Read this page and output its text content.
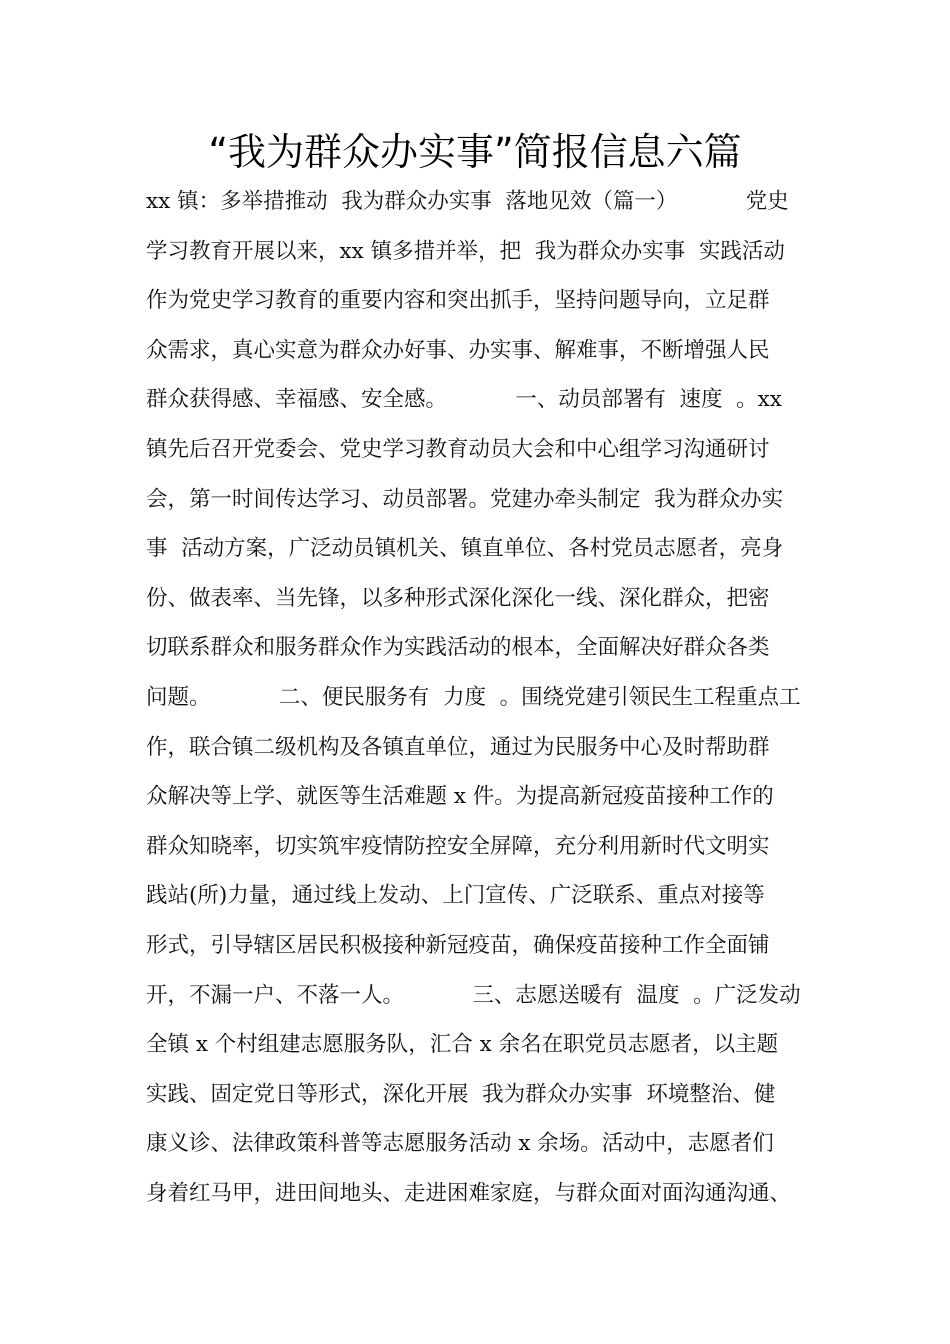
“我为群众办实事”简报信息六篇
xx 镇：多举措推动  我为群众办实事  落地见效（篇一）          党史
学习教育开展以来，xx 镇多措并举，把  我为群众办实事  实践活动
作为党史学习教育的重要内容和突出抓手，坚持问题导向，立足群
众需求，真心实意为群众办好事、办实事、解难事，不断增强人民
群众获得感、幸福感、安全感。          一、动员部署有  速度  。xx
镇先后召开党委会、党史学习教育动员大会和中心组学习沟通研讨
会，第一时间传达学习、动员部署。党建办牵头制定  我为群众办实
事  活动方案，广泛动员镇机关、镇直单位、各村党员志愿者，亮身
份、做表率、当先锋，以多种形式深化深化一线、深化群众，把密
切联系群众和服务群众作为实践活动的根本，全面解决好群众各类
问题。          二、便民服务有  力度  。围绕党建引领民生工程重点工
作，联合镇二级机构及各镇直单位，通过为民服务中心及时帮助群
众解决等上学、就医等生活难题 x 件。为提高新冠疫苗接种工作的
群众知晓率，切实筑牢疫情防控安全屏障，充分利用新时代文明实
践站(所)力量，通过线上发动、上门宣传、广泛联系、重点对接等
形式，引导辖区居民积极接种新冠疫苗，确保疫苗接种工作全面铺
开，不漏一户、不落一人。          三、志愿送暖有  温度  。广泛发动
全镇 x 个村组建志愿服务队，汇合 x 余名在职党员志愿者，以主题
实践、固定党日等形式，深化开展  我为群众办实事  环境整治、健
康义诊、法律政策科普等志愿服务活动 x 余场。活动中，志愿者们
身着红马甲，进田间地头、走进困难家庭，与群众面对面沟通沟通、
